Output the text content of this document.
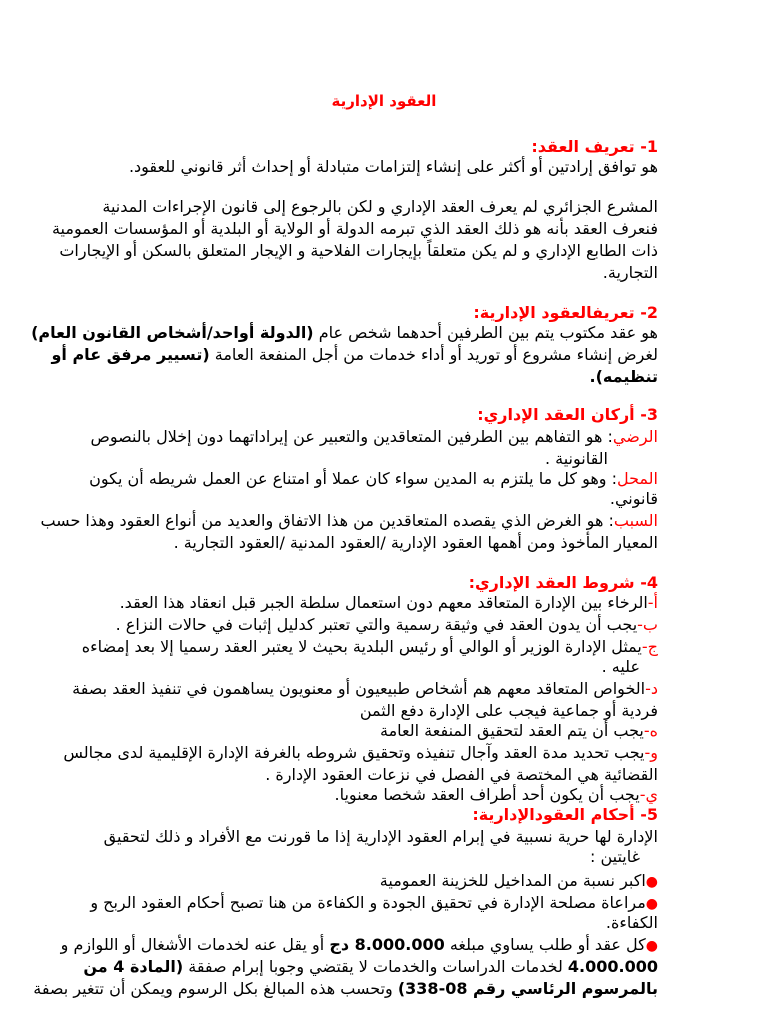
العقود الإدارية
1- تعريف العقد:
هو توافق إرادتين أو أكثر على إنشاء إلتزامات متبادلة أو إحداث أثر قانوني للعقود.
المشرع الجزائري لم يعرف العقد الإداري و لكن بالرجوع إلى قانون الإجراءات المدنية
فنعرف العقد بأنه هو ذلك العقد الذي تبرمه الدولة أو الولاية أو البلدية أو المؤسسات العمومية
ذات الطابع الإداري و لم يكن متعلقاً بإيجارات الفلاحية و الإيجار المتعلق بالسكن أو الإيجارات
التجارية.
2- تعريفالعقود الإدارية:
هو عقد مكتوب يتم بين الطرفين أحدهما شخص عام (الدولة أواحد/أشخاص القانون العام)
لغرض إنشاء مشروع أو توريد أو أداء خدمات من أجل المنفعة العامة (تسيير مرفق عام أو
تنظيمه).
3- أركان العقد الإداري:
الرضي: هو التفاهم بين الطرفين المتعاقدين والتعبير عن إيراداتهما دون إخلال بالنصوص
القانونية .
المحل: وهو كل ما يلتزم به المدين سواء كان عملا أو امتناع عن العمل شريطه أن يكون
قانوني.
السبب: هو الغرض الذي يقصده المتعاقدين من هذا الاتفاق والعديد من أنواع العقود وهذا حسب
المعيار المأخوذ ومن أهمها العقود الإدارية /العقود المدنية /العقود التجارية .
4- شروط العقد الإداري:
أ-الرخاء بين الإدارة المتعاقد معهم دون استعمال سلطة الجبر قبل انعقاد هذا العقد.
ب-يجب أن يدون العقد في وثيقة رسمية والتي تعتبر كدليل إثبات في حالات النزاع .
ج-يمثل الإدارة الوزير أو الوالي أو رئيس البلدية بحيث لا يعتبر العقد رسميا إلا بعد إمضاءه
عليه .
د-الخواص المتعاقد معهم هم أشخاص طبيعيون أو معنويون يساهمون في تنفيذ العقد بصفة
فردية أو جماعية فيجب على الإدارة دفع الثمن
ه-يجب أن يتم العقد لتحقيق المنفعة العامة
و-يجب تحديد مدة العقد وآجال تنفيذه وتحقيق شروطه بالغرفة الإدارة الإقليمية لدى مجالس
القضائية هي المختصة في الفصل في نزعات العقود الإدارة .
ي-يجب أن يكون أحد أطراف العقد شخصا معنويا.
5- أحكام العقودالإدارية:
الإدارة لها حرية نسبية في إبرام العقود الإدارية إذا ما قورنت مع الأفراد و ذلك لتحقيق
غايتين :
●اكبر نسبة من المداخيل للخزينة العمومية
●مراعاة مصلحة الإدارة في تحقيق الجودة و الكفاءة من هنا تصبح أحكام العقود الربح و
الكفاءة.
●كل عقد أو طلب يساوي مبلغه 8.000.000 دج أو يقل عنه لخدمات الأشغال أو اللوازم و
4.000.000 لخدمات الدراسات والخدمات لا يقتضي وجوبا إبرام صفقة (المادة 4 من
بالمرسوم الرئاسي رقم 08-338) وتحسب هذه المبالغ بكل الرسوم ويمكن أن تتغير بصفة
